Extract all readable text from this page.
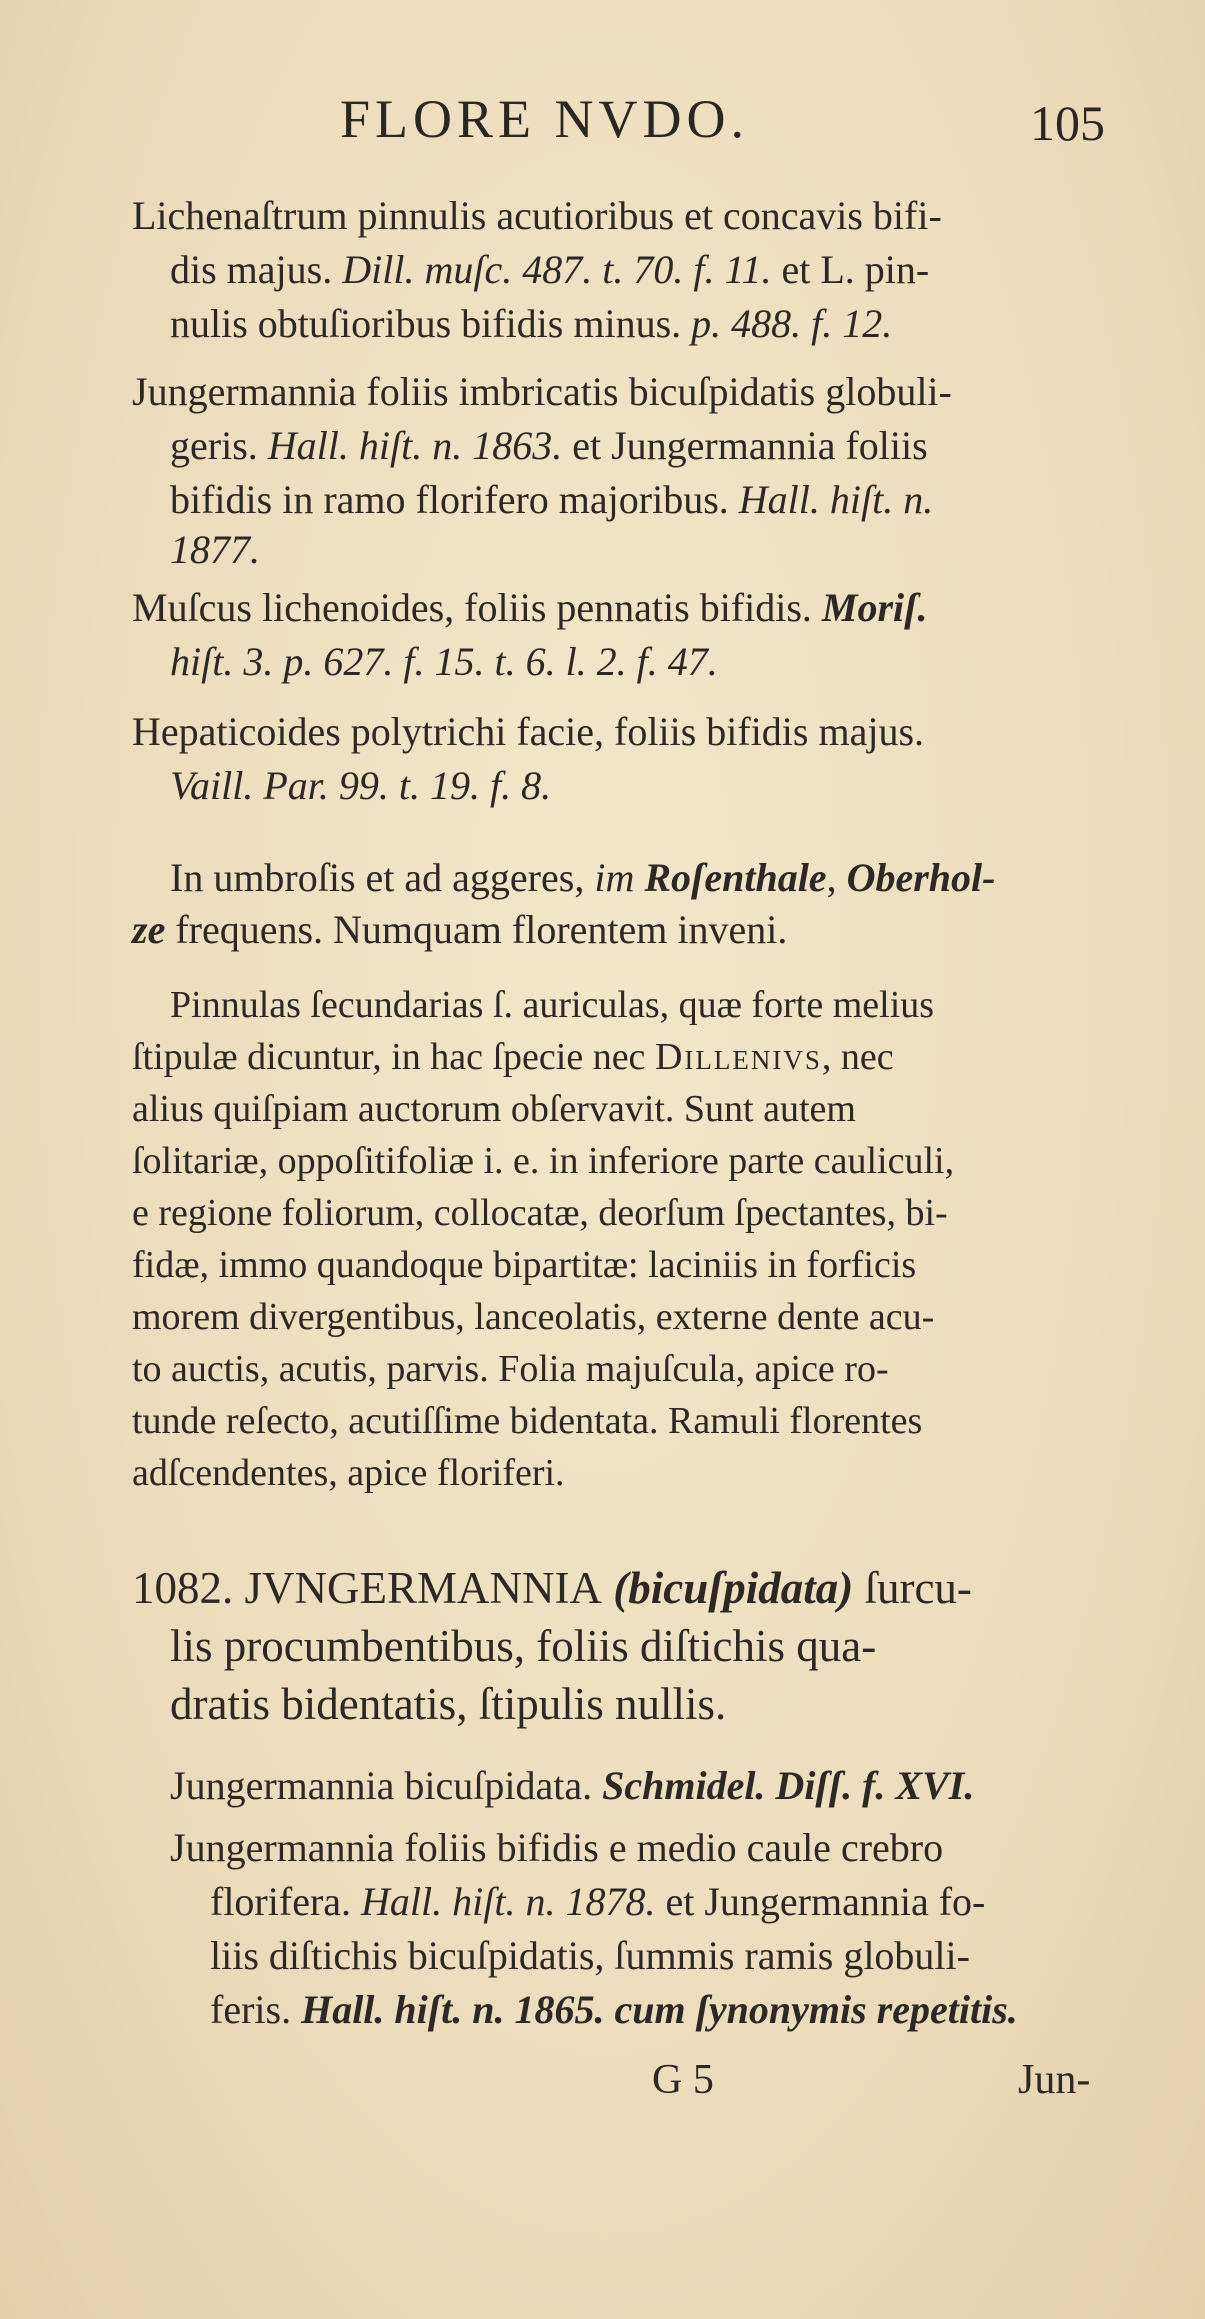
FLORE NVDO.	105
Lichenaſtrum pinnulis acutioribus et concavis bifi-
dis majus. Dill. muſc. 487. t. 70. f. 11. et L. pin-
nulis obtuſioribus bifidis minus. p. 488. f. 12.
Jungermannia foliis imbricatis bicuſpidatis globuli-
geris. Hall. hiſt. n. 1863. et Jungermannia foliis
bifidis in ramo florifero majoribus. Hall. hiſt. n.
1877.
Muſcus lichenoides, foliis pennatis bifidis. Moriſ.
hiſt. 3. p. 627. f. 15. t. 6. l. 2. f. 47.
Hepaticoides polytrichi facie, foliis bifidis majus.
Vaill. Par. 99. t. 19. f. 8.
In umbroſis et ad aggeres, im Roſenthale, Oberhol-
ze frequens. Numquam florentem inveni.
Pinnulas ſecundarias ſ. auriculas, quæ forte melius
ſtipulæ dicuntur, in hac ſpecie nec Dillenivs, nec
alius quiſpiam auctorum obſervavit. Sunt autem
ſolitariæ, oppoſitifoliæ i. e. in inferiore parte cauliculi,
e regione foliorum, collocatæ, deorſum ſpectantes, bi-
fidæ, immo quandoque bipartitæ: laciniis in forficis
morem divergentibus, lanceolatis, externe dente acu-
to auctis, acutis, parvis. Folia majuſcula, apice ro-
tunde reſecto, acutiſſime bidentata. Ramuli florentes
adſcendentes, apice floriferi.
1082. JVNGERMANNIA (bicuſpidata) ſurcu-
lis procumbentibus, foliis diſtichis qua-
dratis bidentatis, ſtipulis nullis.
Jungermannia bicuſpidata. Schmidel. Diſſ. f. XVI.
Jungermannia foliis bifidis e medio caule crebro
florifera. Hall. hiſt. n. 1878. et Jungermannia fo-
liis diſtichis bicuſpidatis, ſummis ramis globuli-
feris. Hall. hiſt. n. 1865. cum ſynonymis repetitis.
G 5	Jun-
